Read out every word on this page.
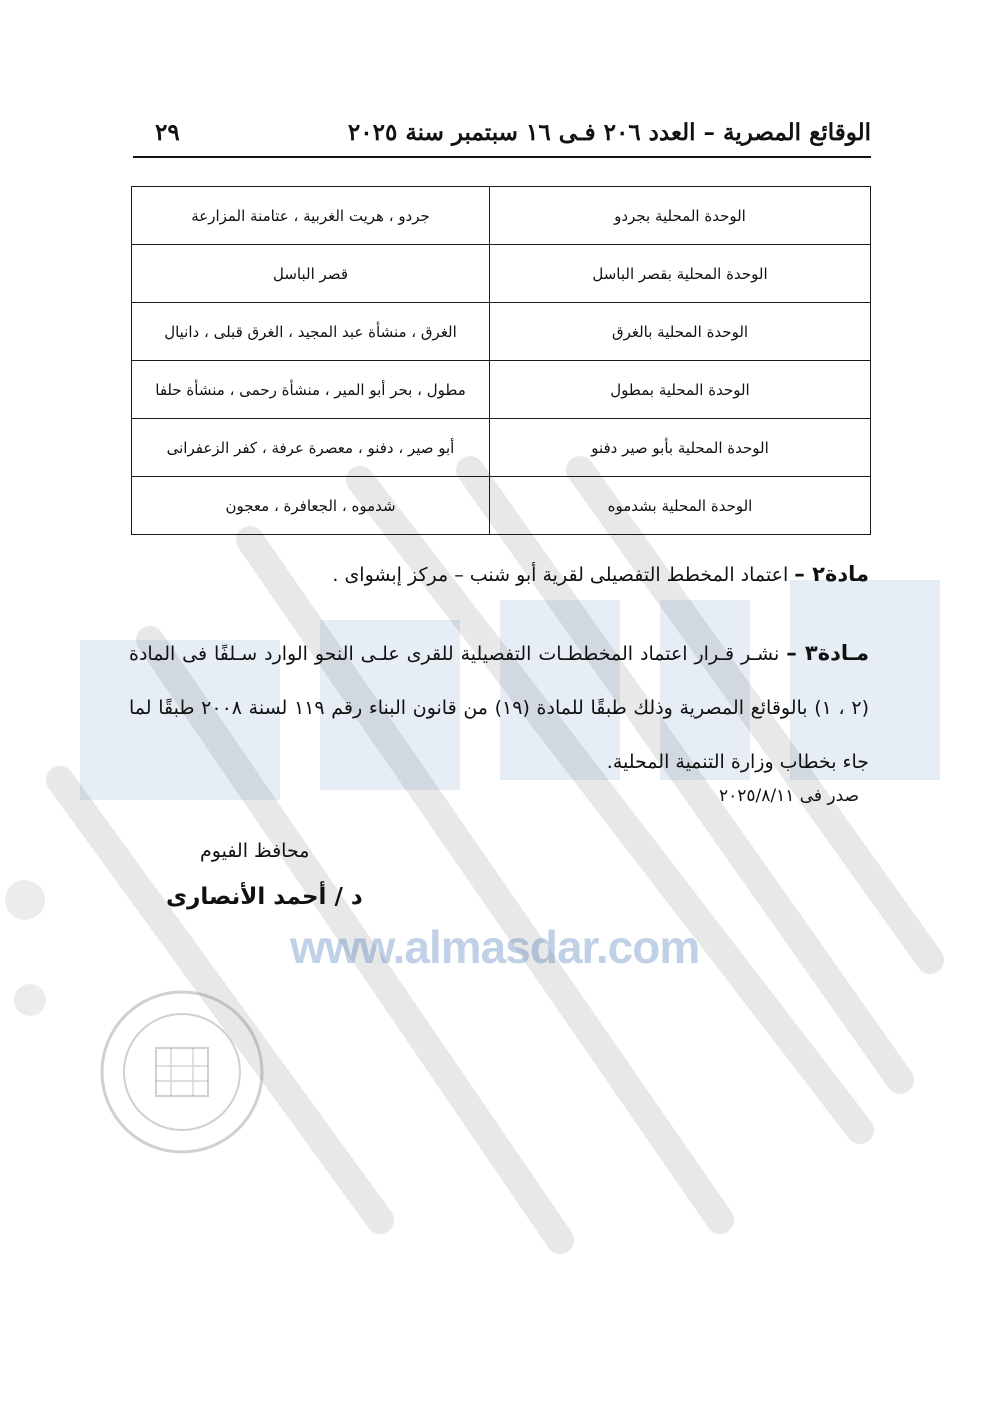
الوقائع المصرية – العدد ٢٠٦ فـى ١٦ سبتمبر سنة ٢٠٢٥
٢٩
الوحدة المحلية بجردو	جردو ، هريت الغربية ، عتامنة المزارعة
الوحدة المحلية بقصر الباسل	قصر الباسل
الوحدة المحلية بالغرق	الغرق ، منشأة عبد المجيد ، الغرق قبلى ، دانيال
الوحدة المحلية بمطول	مطول ، بحر أبو المير ، منشأة رحمى ، منشأة حلفا
الوحدة المحلية بأبو صير دفنو	أبو صير ، دفنو ، معصرة عرفة ، كفر الزعفرانى
الوحدة المحلية بشدموه	شدموه ، الجعافرة ، معجون
مادة٢ – اعتماد المخطط التفصيلى لقرية أبو شنب – مركز إبشواى .
مـادة٣ – نشـر قـرار اعتماد المخططـات التفصيلية للقرى علـى النحو الوارد سـلفًا فى المادة (٢ ، ١) بالوقائع المصرية وذلك طبقًا للمادة (١٩) من قانون البناء رقم ١١٩ لسنة ٢٠٠٨ طبقًا لما جاء بخطاب وزارة التنمية المحلية.
صدر فى ٢٠٢٥/٨/١١
محافظ الفيوم
د / أحمد الأنصارى
www.almasdar.com
